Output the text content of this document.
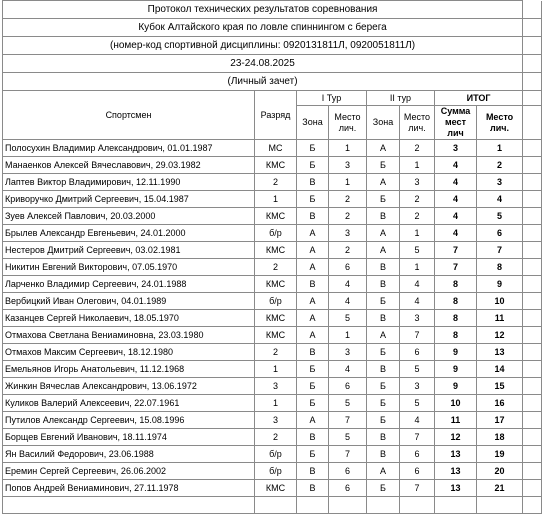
Протокол технических результатов соревнования								
Кубок Алтайского края по ловле спиннингом с берега								
(номер-код спортивной дисциплины: 0920131811Л, 0920051811Л)								
23-24.08.2025								
(Личный зачет)								
Спортсмен	Разряд	I Тур		II тур		ИТОГ		
		Зона	Место лич.	Зона	Место лич.	Сумма мест лич	Место лич.	
Полосухин Владимир Александрович, 01.01.1987	МС	Б	1	А	2	3	1	
Манаенков Алексей Вячеславович, 29.03.1982	КМС	Б	3	Б	1	4	2	
Лаптев Виктор Владимирович, 12.11.1990	2	В	1	А	3	4	3	
Криворучко Дмитрий Сергеевич, 15.04.1987	1	Б	2	Б	2	4	4	
Зуев Алексей Павлович, 20.03.2000	КМС	В	2	В	2	4	5	
Брылев Александр Евгеньевич, 24.01.2000	б/р	А	3	А	1	4	6	
Нестеров Дмитрий Сергеевич, 03.02.1981	КМС	А	2	А	5	7	7	
Никитин Евгений Викторович, 07.05.1970	2	А	6	В	1	7	8	
Ларченко Владимир Сергеевич, 24.01.1988	КМС	В	4	В	4	8	9	
Вербицкий Иван Олегович, 04.01.1989	б/р	А	4	Б	4	8	10	
Казанцев Сергей Николаевич, 18.05.1970	КМС	А	5	В	3	8	11	
Отмахова Светлана Вениаминовна, 23.03.1980	КМС	А	1	А	7	8	12	
Отмахов Максим Сергеевич, 18.12.1980	2	В	3	Б	6	9	13	
Емельянов Игорь Анатольевич, 11.12.1968	1	Б	4	В	5	9	14	
Жинкин Вячеслав Александрович, 13.06.1972	3	Б	6	Б	3	9	15	
Куликов Валерий Алексеевич, 22.07.1961	1	Б	5	Б	5	10	16	
Путилов Александр Сергеевич, 15.08.1996	3	А	7	Б	4	11	17	
Борщев Евгений Иванович, 18.11.1974	2	В	5	В	7	12	18	
Ян Василий Федорович, 23.06.1988	б/р	Б	7	В	6	13	19	
Еремин Сергей Сергеевич, 26.06.2002	б/р	В	6	А	6	13	20	
Попов Андрей Вениаминович, 27.11.1978	КМС	В	6	Б	7	13	21	
